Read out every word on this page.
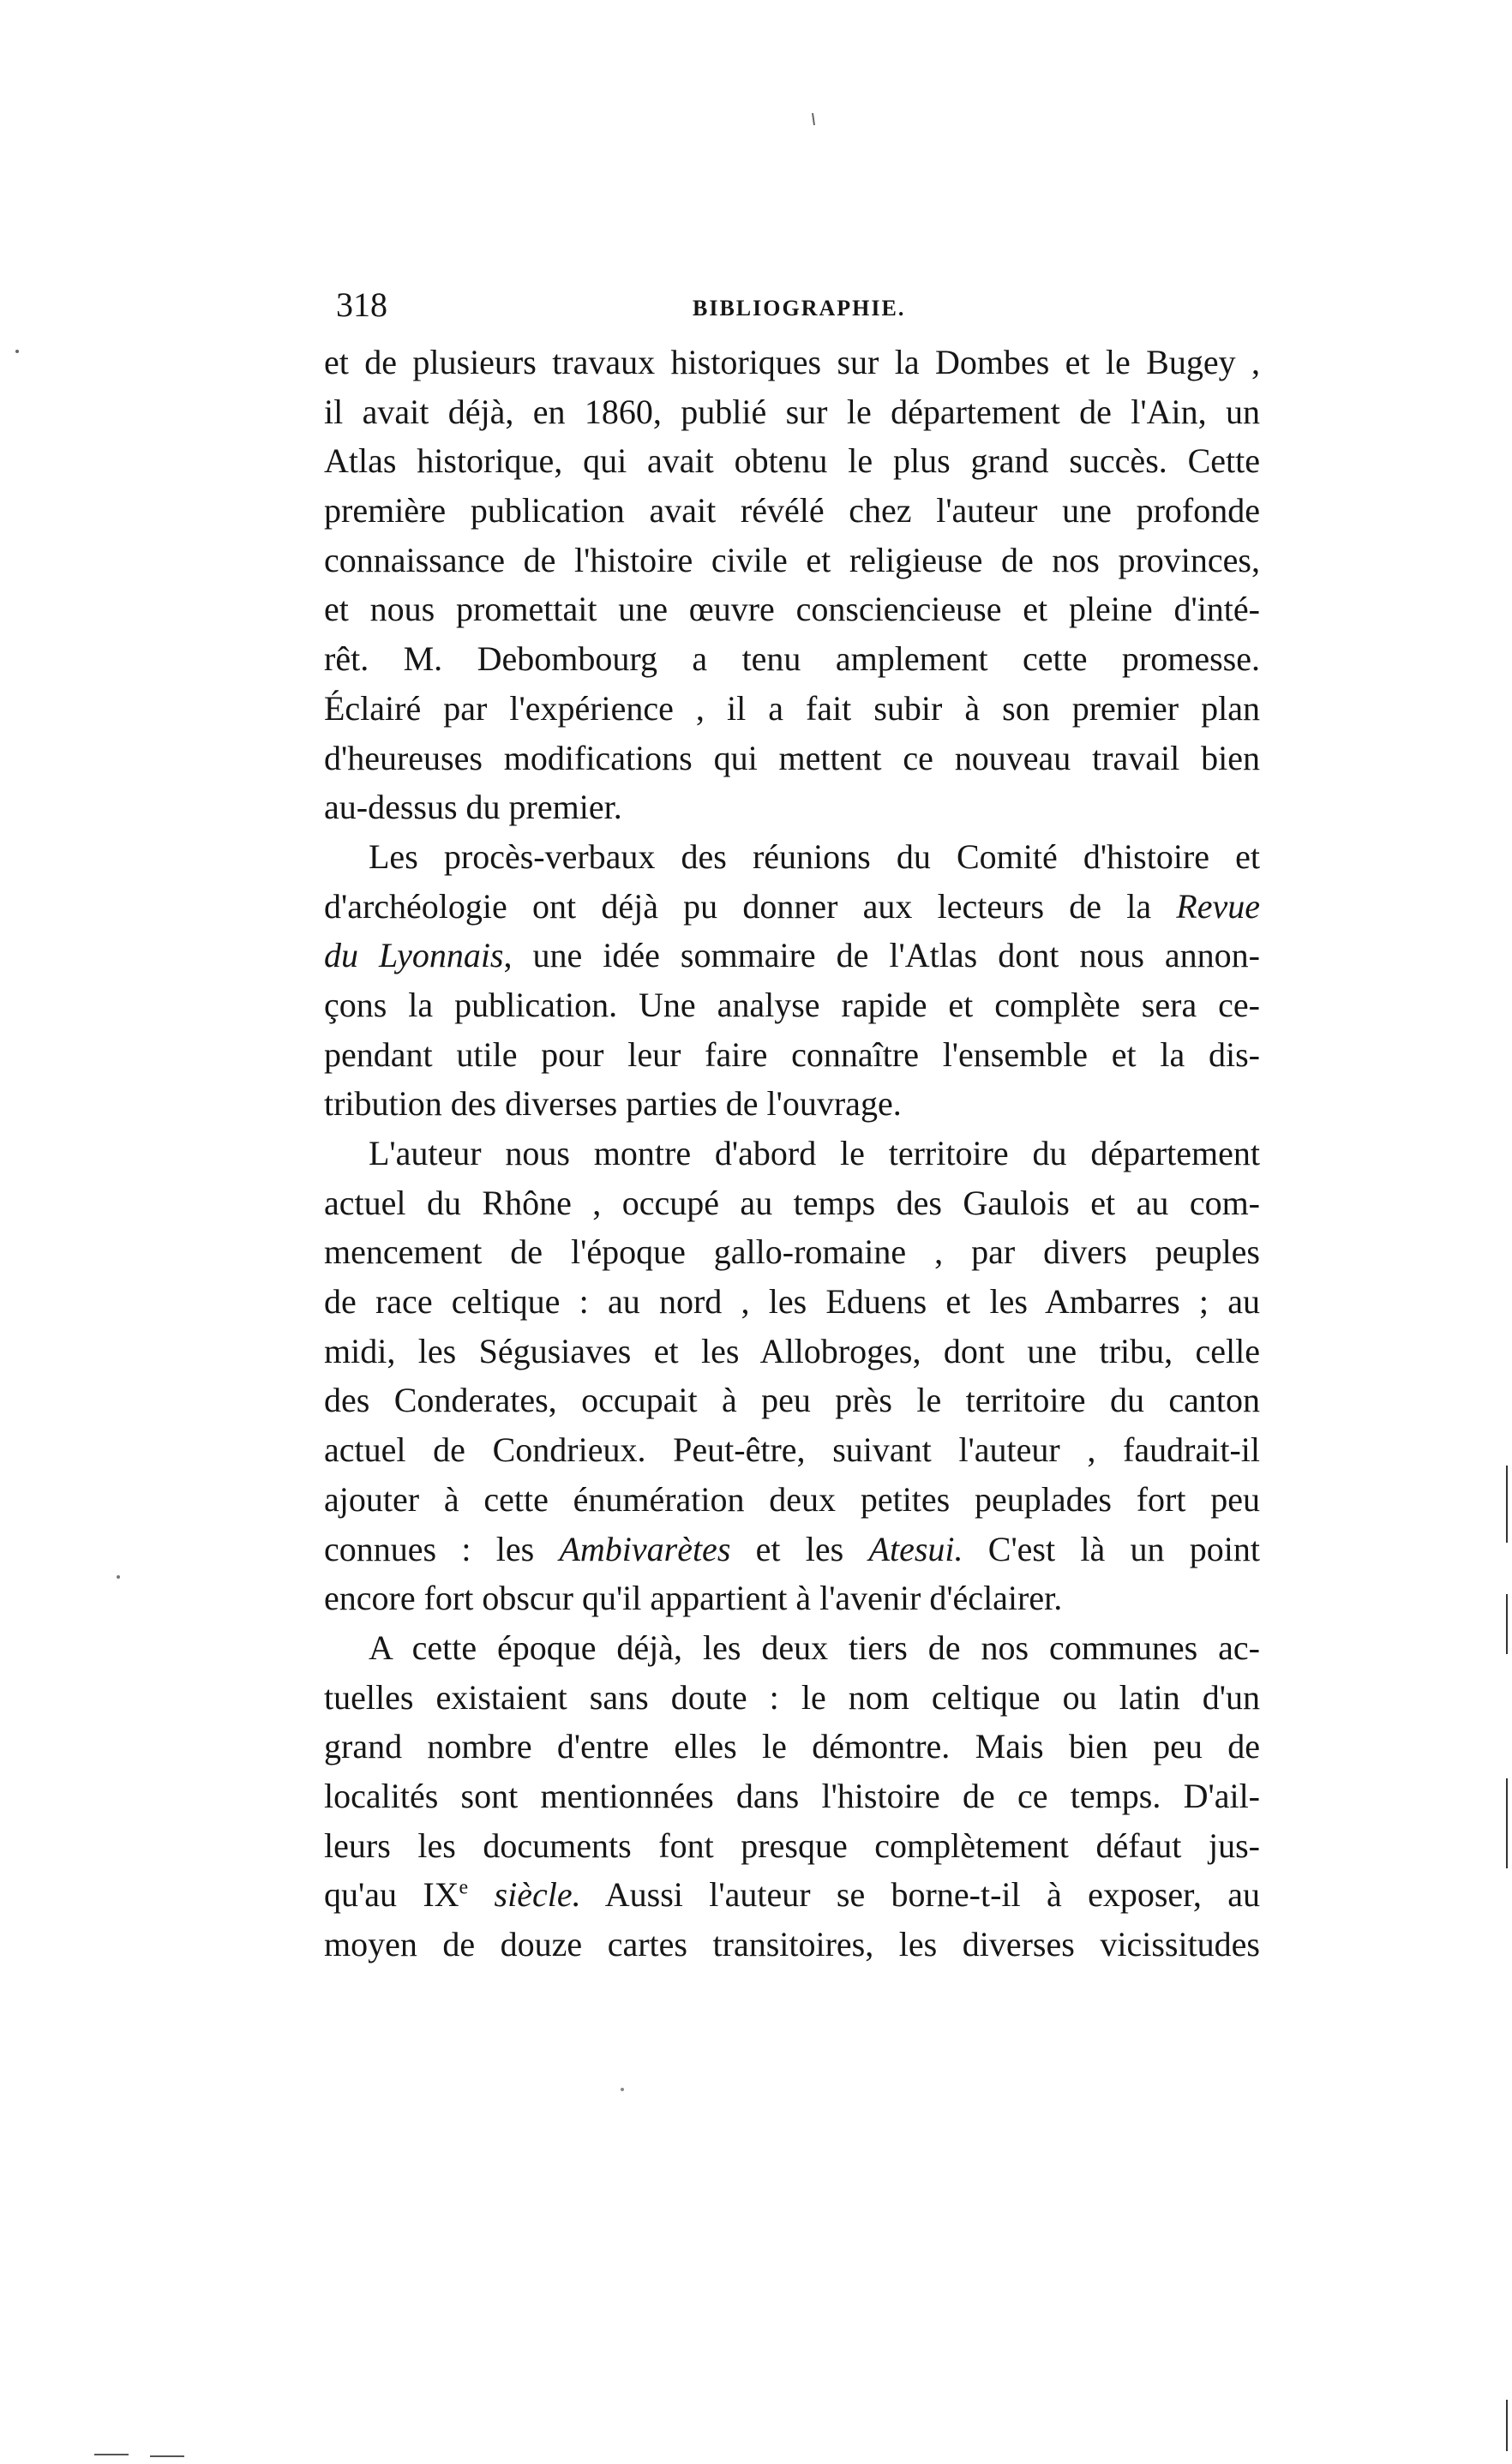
318	BIBLIOGRAPHIE.
et de plusieurs travaux historiques sur la Dombes et le Bugey ,
il avait déjà, en 1860, publié sur le département de l'Ain, un
Atlas historique, qui avait obtenu le plus grand succès. Cette
première publication avait révélé chez l'auteur une profonde
connaissance de l'histoire civile et religieuse de nos provinces,
et nous promettait une œuvre consciencieuse et pleine d'inté-
rêt. M. Debombourg a tenu amplement cette promesse.
Éclairé par l'expérience , il a fait subir à son premier plan
d'heureuses modifications qui mettent ce nouveau travail bien
au-dessus du premier.
Les procès-verbaux des réunions du Comité d'histoire et
d'archéologie ont déjà pu donner aux lecteurs de la Revue
du Lyonnais, une idée sommaire de l'Atlas dont nous annon-
çons la publication. Une analyse rapide et complète sera ce-
pendant utile pour leur faire connaître l'ensemble et la dis-
tribution des diverses parties de l'ouvrage.
L'auteur nous montre d'abord le territoire du département
actuel du Rhône , occupé au temps des Gaulois et au com-
mencement de l'époque gallo-romaine , par divers peuples
de race celtique : au nord , les Eduens et les Ambarres ; au
midi, les Ségusiaves et les Allobroges, dont une tribu, celle
des Conderates, occupait à peu près le territoire du canton
actuel de Condrieux. Peut-être, suivant l'auteur , faudrait-il
ajouter à cette énumération deux petites peuplades fort peu
connues : les Ambivarètes et les Atesui. C'est là un point
encore fort obscur qu'il appartient à l'avenir d'éclairer.
A cette époque déjà, les deux tiers de nos communes ac-
tuelles existaient sans doute : le nom celtique ou latin d'un
grand nombre d'entre elles le démontre. Mais bien peu de
localités sont mentionnées dans l'histoire de ce temps. D'ail-
leurs les documents font presque complètement défaut jus-
qu'au IXe siècle. Aussi l'auteur se borne-t-il à exposer, au
moyen de douze cartes transitoires, les diverses vicissitudes
